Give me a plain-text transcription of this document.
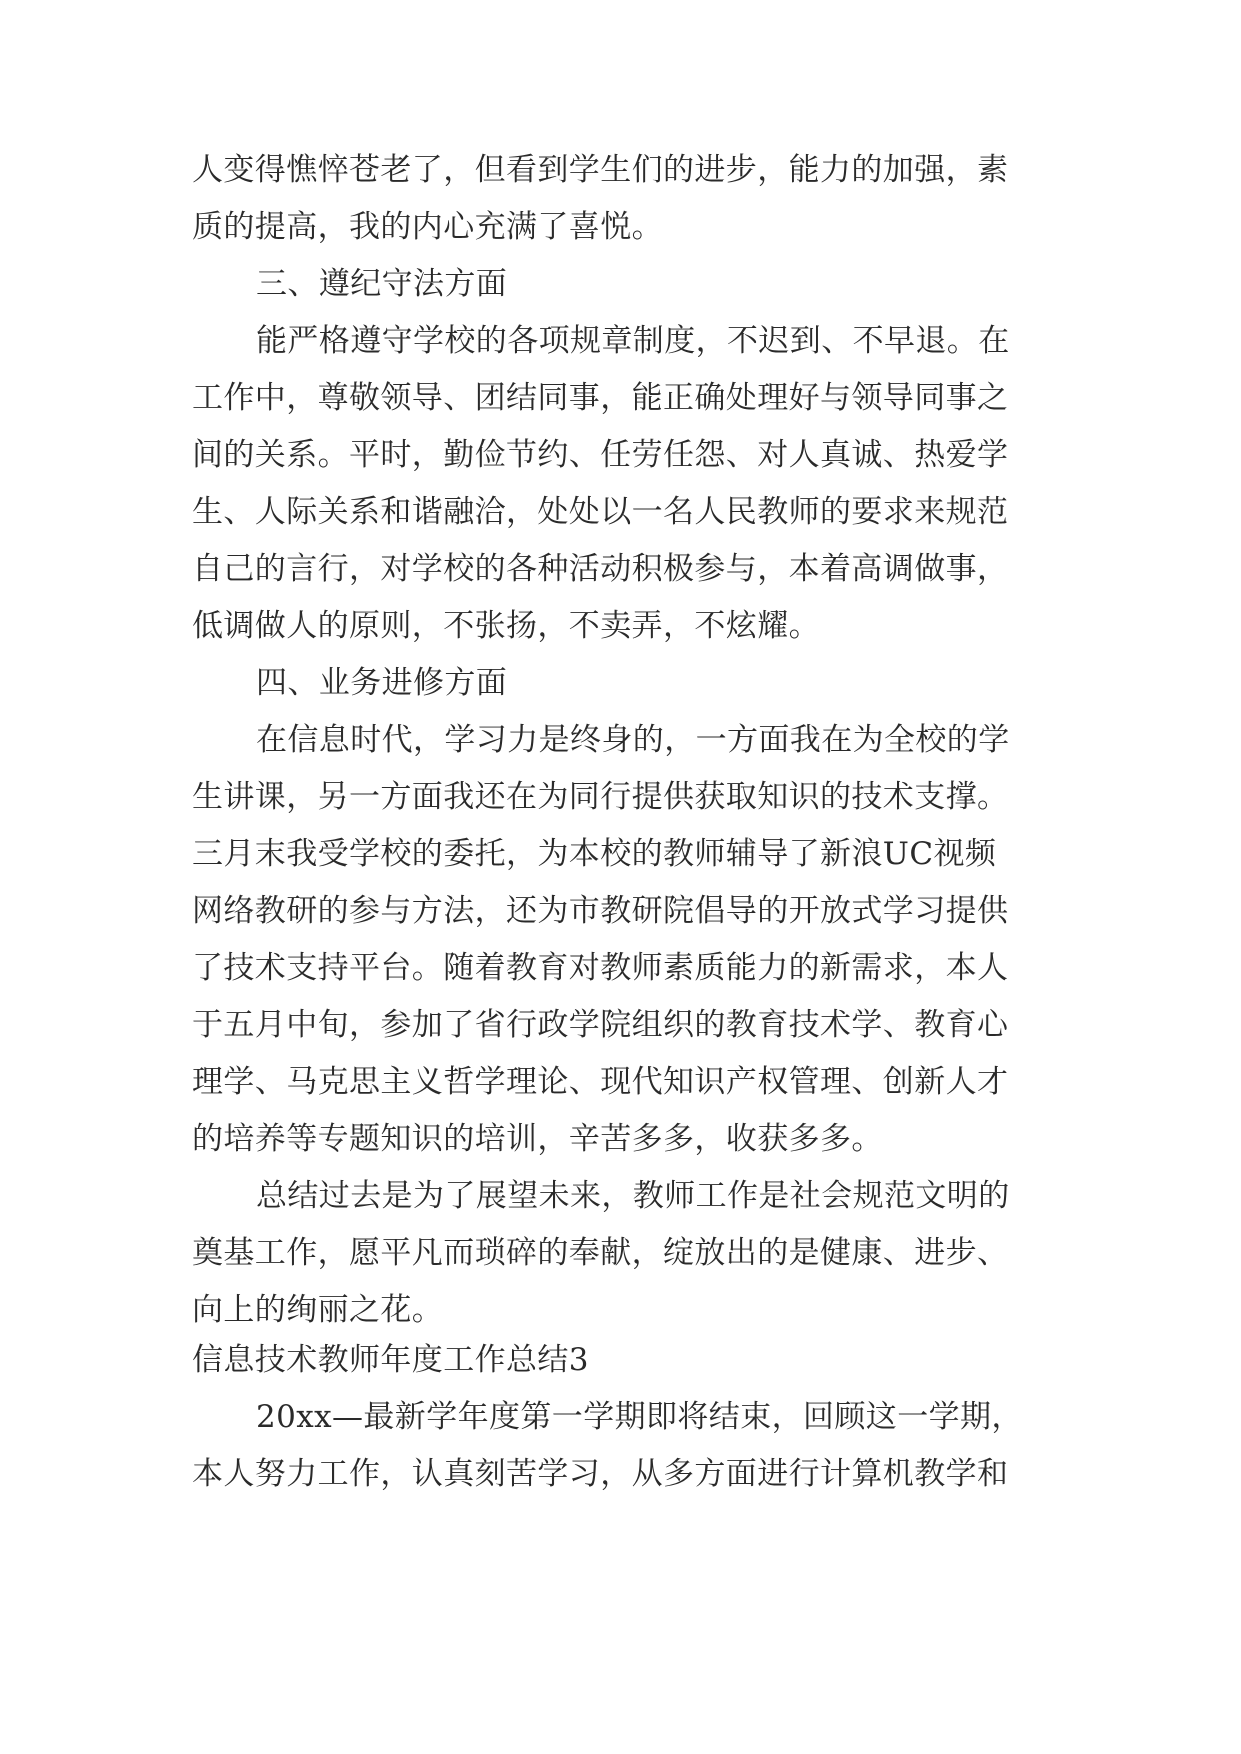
人变得憔悴苍老了，但看到学生们的进步，能力的加强，素
质的提高，我的内心充满了喜悦。
三、遵纪守法方面
能严格遵守学校的各项规章制度，不迟到、不早退。在
工作中，尊敬领导、团结同事，能正确处理好与领导同事之
间的关系。平时，勤俭节约、任劳任怨、对人真诚、热爱学
生、人际关系和谐融洽，处处以一名人民教师的要求来规范
自己的言行，对学校的各种活动积极参与，本着高调做事，
低调做人的原则，不张扬，不卖弄，不炫耀。
四、业务进修方面
在信息时代，学习力是终身的，一方面我在为全校的学
生讲课，另一方面我还在为同行提供获取知识的技术支撑。
三月末我受学校的委托，为本校的教师辅导了新浪UC视频
网络教研的参与方法，还为市教研院倡导的开放式学习提供
了技术支持平台。随着教育对教师素质能力的新需求，本人
于五月中旬，参加了省行政学院组织的教育技术学、教育心
理学、马克思主义哲学理论、现代知识产权管理、创新人才
的培养等专题知识的培训，辛苦多多，收获多多。
总结过去是为了展望未来，教师工作是社会规范文明的
奠基工作，愿平凡而琐碎的奉献，绽放出的是健康、进步、
向上的绚丽之花。
信息技术教师年度工作总结3
20xx—最新学年度第一学期即将结束，回顾这一学期，
本人努力工作，认真刻苦学习，从多方面进行计算机教学和
